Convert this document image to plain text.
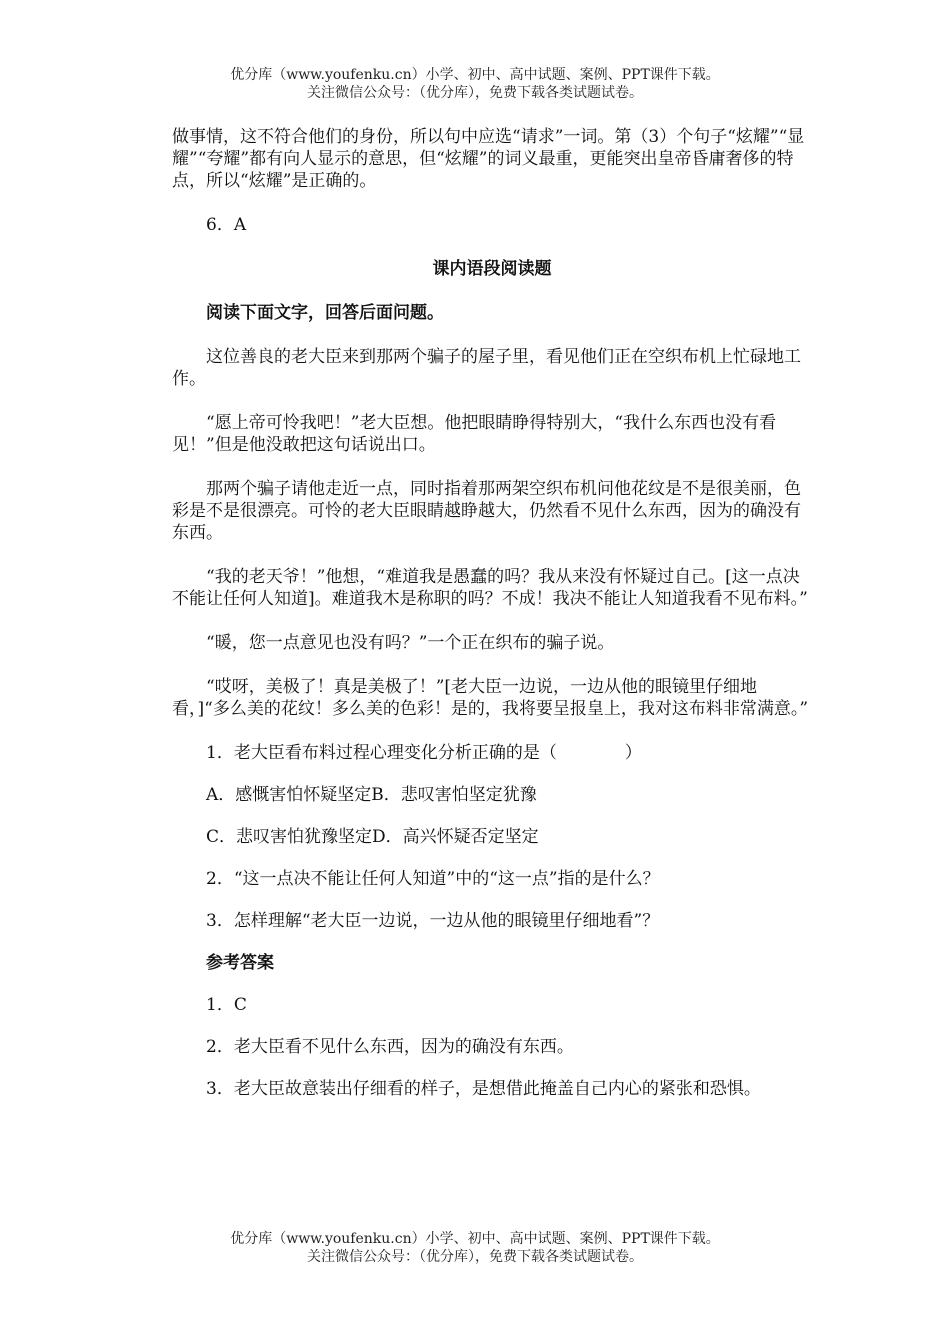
优分库（www.youfenku.cn）小学、初中、高中试题、案例、PPT课件下载。
关注微信公众号：（优分库），免费下载各类试题试卷。

做事情，这不符合他们的身份，所以句中应选“请求”一词。第（3）个句子“炫耀”“显耀”“夸耀”都有向人显示的意思，但“炫耀”的词义最重，更能突出皇帝昏庸奢侈的特点，所以“炫耀”是正确的。

6．A

课内语段阅读题

阅读下面文字，回答后面问题。

这位善良的老大臣来到那两个骗子的屋子里，看见他们正在空织布机上忙碌地工作。

“愿上帝可怜我吧！”老大臣想。他把眼睛睁得特别大，“我什么东西也没有看见！”但是他没敢把这句话说出口。

那两个骗子请他走近一点，同时指着那两架空织布机问他花纹是不是很美丽，色彩是不是很漂亮。可怜的老大臣眼睛越睁越大，仍然看不见什么东西，因为的确没有东西。

“我的老天爷！”他想，“难道我是愚蠢的吗？我从来没有怀疑过自己。[这一点决不能让任何人知道]。难道我木是称职的吗？不成！我决不能让人知道我看不见布料。”

“暖，您一点意见也没有吗？”一个正在织布的骗子说。

“哎呀，美极了！真是美极了！”[老大臣一边说，一边从他的眼镜里仔细地看，]“多么美的花纹！多么美的色彩！是的，我将要呈报皇上，我对这布料非常满意。”

1．老大臣看布料过程心理变化分析正确的是（　　　　）

A．感慨害怕怀疑坚定B．悲叹害怕坚定犹豫

C．悲叹害怕犹豫坚定D．高兴怀疑否定坚定

2．“这一点决不能让任何人知道”中的“这一点”指的是什么？

3．怎样理解“老大臣一边说，一边从他的眼镜里仔细地看”？

参考答案

1．C

2．老大臣看不见什么东西，因为的确没有东西。

3．老大臣故意装出仔细看的样子，是想借此掩盖自己内心的紧张和恐惧。

优分库（www.youfenku.cn）小学、初中、高中试题、案例、PPT课件下载。
关注微信公众号：（优分库），免费下载各类试题试卷。
